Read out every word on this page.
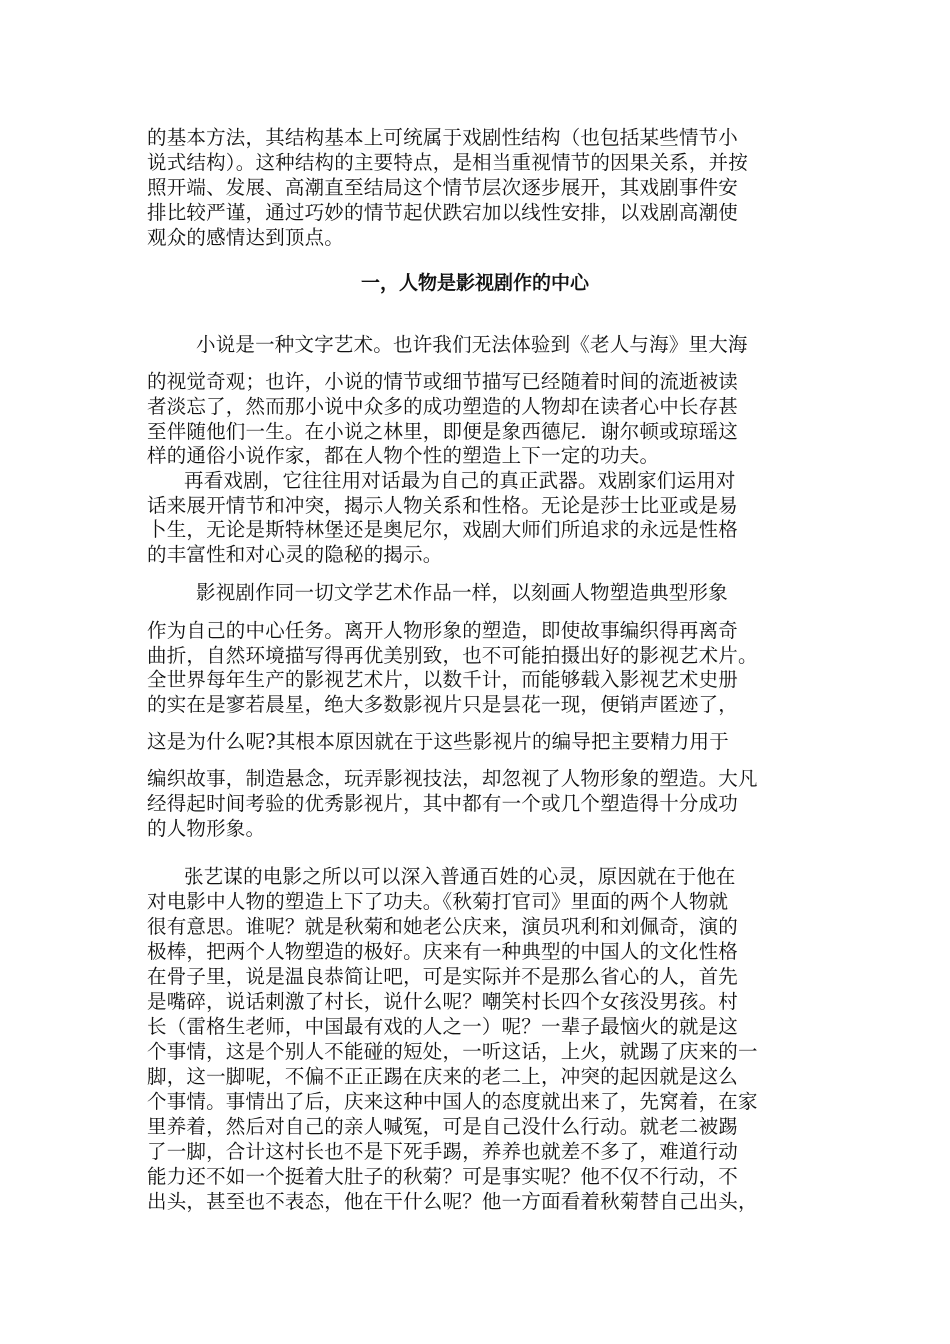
的基本方法，其结构基本上可统属于戏剧性结构（也包括某些情节小
说式结构）。这种结构的主要特点，是相当重视情节的因果关系，并按
照开端、发展、高潮直至结局这个情节层次逐步展开，其戏剧事件安
排比较严谨，通过巧妙的情节起伏跌宕加以线性安排，以戏剧高潮使
观众的感情达到顶点。
一，人物是影视剧作的中心
小说是一种文字艺术。也许我们无法体验到《老人与海》里大海
的视觉奇观；也许，小说的情节或细节描写已经随着时间的流逝被读
者淡忘了，然而那小说中众多的成功塑造的人物却在读者心中长存甚
至伴随他们一生。在小说之林里，即便是象西德尼．谢尔顿或琼瑶这
样的通俗小说作家，都在人物个性的塑造上下一定的功夫。
再看戏剧，它往往用对话最为自己的真正武器。戏剧家们运用对
话来展开情节和冲突，揭示人物关系和性格。无论是莎士比亚或是易
卜生，无论是斯特林堡还是奥尼尔，戏剧大师们所追求的永远是性格
的丰富性和对心灵的隐秘的揭示。
影视剧作同一切文学艺术作品一样，以刻画人物塑造典型形象
作为自己的中心任务。离开人物形象的塑造，即使故事编织得再离奇
曲折，自然环境描写得再优美别致，也不可能拍摄出好的影视艺术片。
全世界每年生产的影视艺术片，以数千计，而能够载入影视艺术史册
的实在是寥若晨星，绝大多数影视片只是昙花一现，便销声匿迹了，
这是为什么呢?其根本原因就在于这些影视片的编导把主要精力用于
编织故事，制造悬念，玩弄影视技法，却忽视了人物形象的塑造。大凡
经得起时间考验的优秀影视片，其中都有一个或几个塑造得十分成功
的人物形象。
张艺谋的电影之所以可以深入普通百姓的心灵，原因就在于他在
对电影中人物的塑造上下了功夫。《秋菊打官司》里面的两个人物就
很有意思。谁呢？就是秋菊和她老公庆来，演员巩利和刘佩奇，演的
极棒，把两个人物塑造的极好。庆来有一种典型的中国人的文化性格
在骨子里，说是温良恭简让吧，可是实际并不是那么省心的人，首先
是嘴碎，说话刺激了村长，说什么呢？嘲笑村长四个女孩没男孩。村
长（雷格生老师，中国最有戏的人之一）呢？一辈子最恼火的就是这
个事情，这是个别人不能碰的短处，一听这话，上火，就踢了庆来的一
脚，这一脚呢，不偏不正正踢在庆来的老二上，冲突的起因就是这么
个事情。事情出了后，庆来这种中国人的态度就出来了，先窝着，在家
里养着，然后对自己的亲人喊冤，可是自己没什么行动。就老二被踢
了一脚，合计这村长也不是下死手踢，养养也就差不多了，难道行动
能力还不如一个挺着大肚子的秋菊？可是事实呢？他不仅不行动，不
出头，甚至也不表态，他在干什么呢？他一方面看着秋菊替自己出头，
